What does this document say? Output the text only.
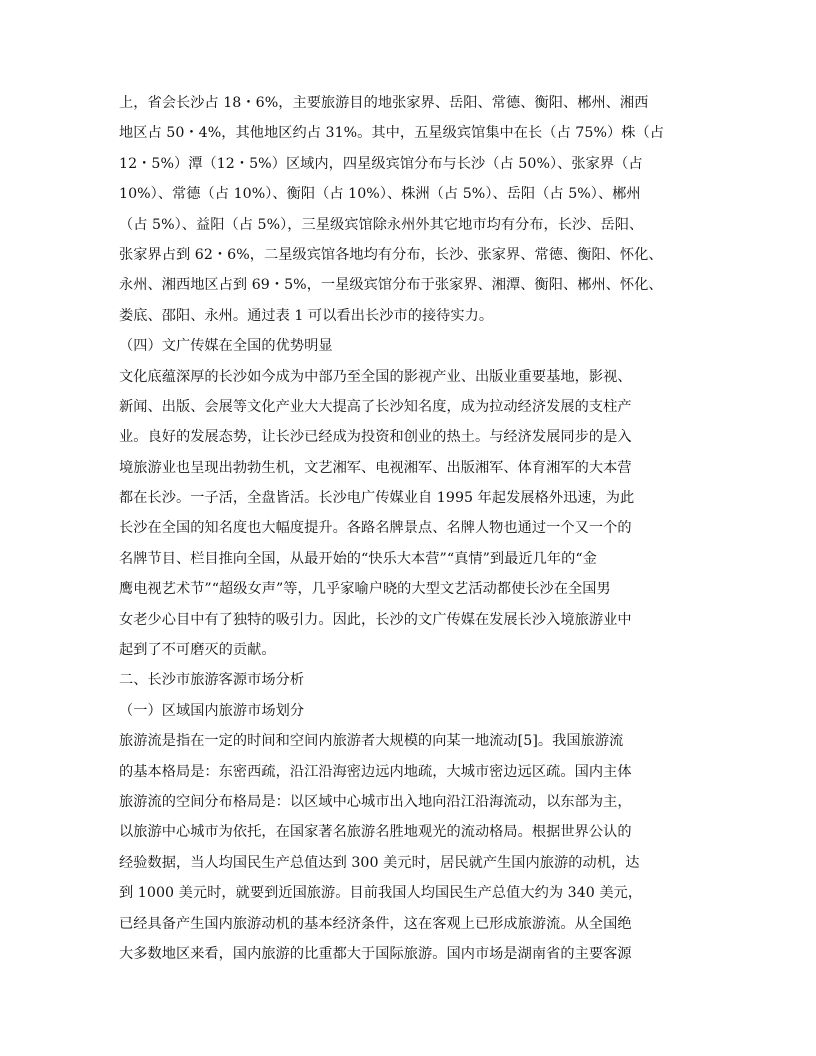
上，省会长沙占 18・6%，主要旅游目的地张家界、岳阳、常德、衡阳、郴州、湘西
地区占 50・4%，其他地区约占 31%。其中，五星级宾馆集中在长（占 75%）株（占
12・5%）潭（12・5%）区域内，四星级宾馆分布与长沙（占 50%）、张家界（占
10%）、常德（占 10%）、衡阳（占 10%）、株洲（占 5%）、岳阳（占 5%）、郴州
（占 5%）、益阳（占 5%），三星级宾馆除永州外其它地市均有分布，长沙、岳阳、
张家界占到 62・6%，二星级宾馆各地均有分布，长沙、张家界、常德、衡阳、怀化、
永州、湘西地区占到 69・5%，一星级宾馆分布于张家界、湘潭、衡阳、郴州、怀化、
娄底、邵阳、永州。通过表 1 可以看出长沙市的接待实力。
（四）文广传媒在全国的优势明显
文化底蕴深厚的长沙如今成为中部乃至全国的影视产业、出版业重要基地，影视、
新闻、出版、会展等文化产业大大提高了长沙知名度，成为拉动经济发展的支柱产
业。良好的发展态势，让长沙已经成为投资和创业的热土。与经济发展同步的是入
境旅游业也呈现出勃勃生机，文艺湘军、电视湘军、出版湘军、体育湘军的大本营
都在长沙。一子活，全盘皆活。长沙电广传媒业自 1995 年起发展格外迅速，为此
长沙在全国的知名度也大幅度提升。各路名牌景点、名牌人物也通过一个又一个的
名牌节目、栏目推向全国，从最开始的“快乐大本营”“真情”到最近几年的“金
鹰电视艺术节”“超级女声”等，几乎家喻户晓的大型文艺活动都使长沙在全国男
女老少心目中有了独特的吸引力。因此，长沙的文广传媒在发展长沙入境旅游业中
起到了不可磨灭的贡献。
二、长沙市旅游客源市场分析
（一）区域国内旅游市场划分
旅游流是指在一定的时间和空间内旅游者大规模的向某一地流动[5]。我国旅游流
的基本格局是：东密西疏，沿江沿海密边远内地疏，大城市密边远区疏。国内主体
旅游流的空间分布格局是：以区域中心城市出入地向沿江沿海流动，以东部为主，
以旅游中心城市为依托，在国家著名旅游名胜地观光的流动格局。根据世界公认的
经验数据，当人均国民生产总值达到 300 美元时，居民就产生国内旅游的动机，达
到 1000 美元时，就要到近国旅游。目前我国人均国民生产总值大约为 340 美元，
已经具备产生国内旅游动机的基本经济条件，这在客观上已形成旅游流。从全国绝
大多数地区来看，国内旅游的比重都大于国际旅游。国内市场是湖南省的主要客源
